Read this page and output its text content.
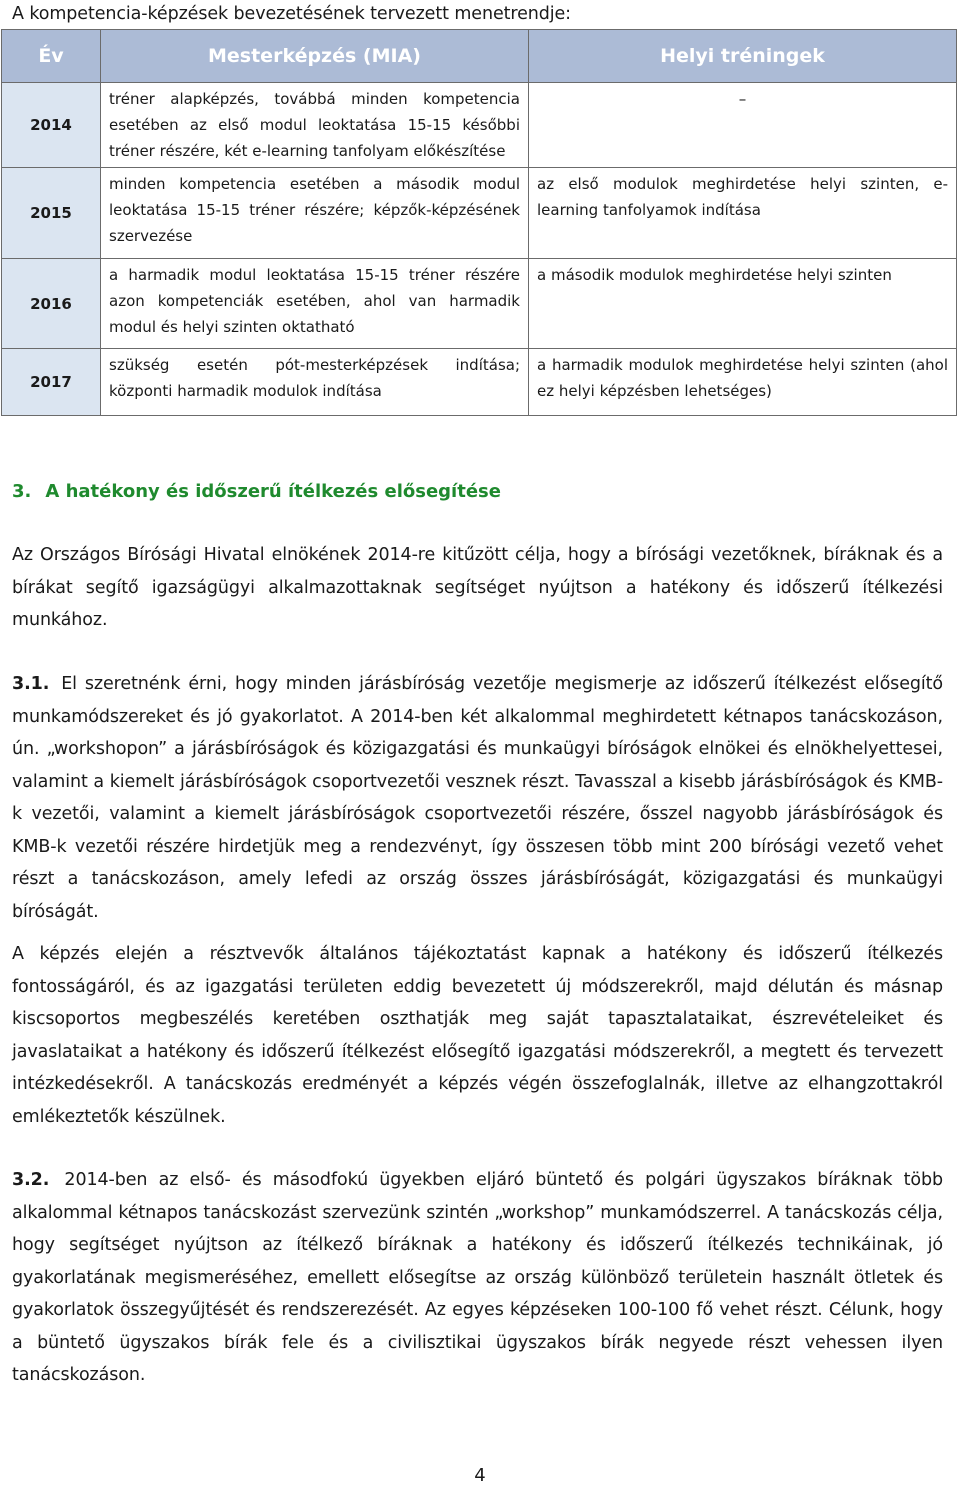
A kompetencia-képzések bevezetésének tervezett menetrendje:
Év	Mesterképzés (MIA)	Helyi tréningek
2014	tréner alapképzés, továbbá minden kompetencia esetében az első modul leoktatása 15-15 későbbi tréner részére, két e-learning tanfolyam előkészítése	–
2015	minden kompetencia esetében a második modul leoktatása 15-15 tréner részére; képzők-képzésének szervezése	az első modulok meghirdetése helyi szinten, e-learning tanfolyamok indítása
2016	a harmadik modul leoktatása 15-15 tréner részére azon kompetenciák esetében, ahol van harmadik modul és helyi szinten oktatható	a második modulok meghirdetése helyi szinten
2017	szükség esetén pót-mesterképzések indítása; központi harmadik modulok indítása	a harmadik modulok meghirdetése helyi szinten (ahol ez helyi képzésben lehetséges)
3. A hatékony és időszerű ítélkezés elősegítése

Az Országos Bírósági Hivatal elnökének 2014-re kitűzött célja, hogy a bírósági vezetőknek, bíráknak és a bírákat segítő igazságügyi alkalmazottaknak segítséget nyújtson a hatékony és időszerű ítélkezési munkához.

3.1. El szeretnénk érni, hogy minden járásbíróság vezetője megismerje az időszerű ítélkezést elősegítő munkamódszereket és jó gyakorlatot. A 2014-ben két alkalommal meghirdetett kétnapos tanácskozáson, ún. „workshopon” a járásbíróságok és közigazgatási és munkaügyi bíróságok elnökei és elnökhelyettesei, valamint a kiemelt járásbíróságok csoportvezetői vesznek részt. Tavasszal a kisebb járásbíróságok és KMB-k vezetői, valamint a kiemelt járásbíróságok csoportvezetői részére, ősszel nagyobb járásbíróságok és KMB-k vezetői részére hirdetjük meg a rendezvényt, így összesen több mint 200 bírósági vezető vehet részt a tanácskozáson, amely lefedi az ország összes járásbíróságát, közigazgatási és munkaügyi bíróságát.

A képzés elején a résztvevők általános tájékoztatást kapnak a hatékony és időszerű ítélkezés fontosságáról, és az igazgatási területen eddig bevezetett új módszerekről, majd délután és másnap kiscsoportos megbeszélés keretében oszthatják meg saját tapasztalataikat, észrevételeiket és javaslataikat a hatékony és időszerű ítélkezést elősegítő igazgatási módszerekről, a megtett és tervezett intézkedésekről. A tanácskozás eredményét a képzés végén összefoglalnák, illetve az elhangzottakról emlékeztetők készülnek.

3.2. 2014-ben az első- és másodfokú ügyekben eljáró büntető és polgári ügyszakos bíráknak több alkalommal kétnapos tanácskozást szervezünk szintén „workshop” munkamódszerrel. A tanácskozás célja, hogy segítséget nyújtson az ítélkező bíráknak a hatékony és időszerű ítélkezés technikáinak, jó gyakorlatának megismeréséhez, emellett elősegítse az ország különböző területein használt ötletek és gyakorlatok összegyűjtését és rendszerezését. Az egyes képzéseken 100-100 fő vehet részt. Célunk, hogy a büntető ügyszakos bírák fele és a civilisztikai ügyszakos bírák negyede részt vehessen ilyen tanácskozáson.

4
